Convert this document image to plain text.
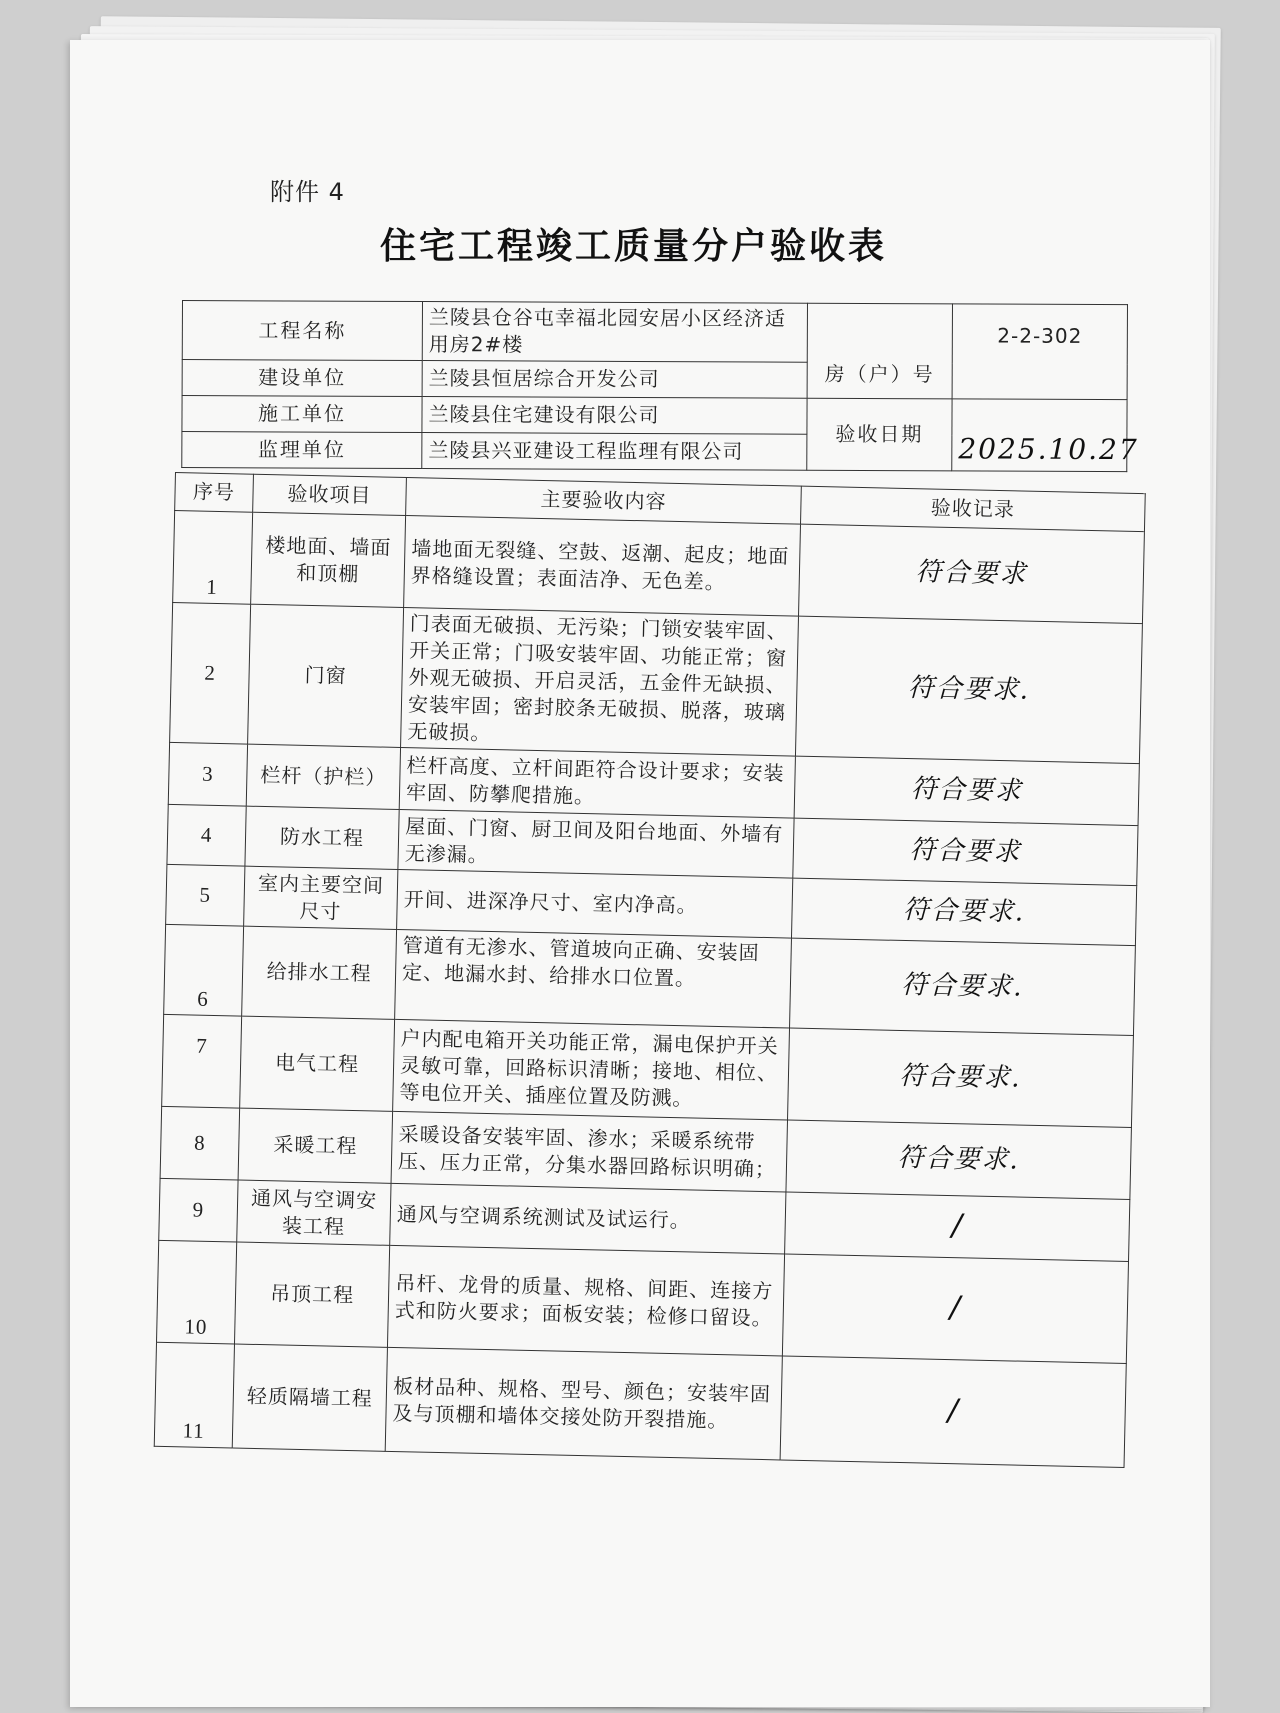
附件 4
住宅工程竣工质量分户验收表
工程名称	兰陵县仓谷屯幸福北园安居小区经济适用房2#楼	房（户）号	2-2-302
建设单位	兰陵县恒居综合开发公司		
施工单位	兰陵县住宅建设有限公司	验收日期	2025.10.27
监理单位	兰陵县兴亚建设工程监理有限公司		
序号	验收项目	主要验收内容	验收记录
1	楼地面、墙面和顶棚	墙地面无裂缝、空鼓、返潮、起皮；地面界格缝设置；表面洁净、无色差。	符合要求
2	门窗	门表面无破损、无污染；门锁安装牢固、开关正常；门吸安装牢固、功能正常；窗外观无破损、开启灵活，五金件无缺损、 安装牢固；密封胶条无破损、脱落，玻璃无破损。	符合要求.
3	栏杆（护栏）	栏杆高度、立杆间距符合设计要求；安装牢固、防攀爬措施。	符合要求
4	防水工程	屋面、门窗、厨卫间及阳台地面、外墙有无渗漏。	符合要求
5	室内主要空间尺寸	开间、进深净尺寸、室内净高。	符合要求.
6	给排水工程	管道有无渗水、管道坡向正确、安装固定、地漏水封、给排水口位置。	符合要求.
7	电气工程	户内配电箱开关功能正常，漏电保护开关灵敏可靠，回路标识清晰；接地、相位、等电位开关、插座位置及防溅。	符合要求.
8	采暖工程	采暖设备安装牢固、渗水；采暖系统带压、压力正常，分集水器回路标识明确；	符合要求.
9	通风与空调安装工程	通风与空调系统测试及试运行。	/
10	吊顶工程	吊杆、龙骨的质量、规格、间距、连接方式和防火要求；面板安装；检修口留设。	/
11	轻质隔墙工程	板材品种、规格、型号、颜色；安装牢固及与顶棚和墙体交接处防开裂措施。	/
